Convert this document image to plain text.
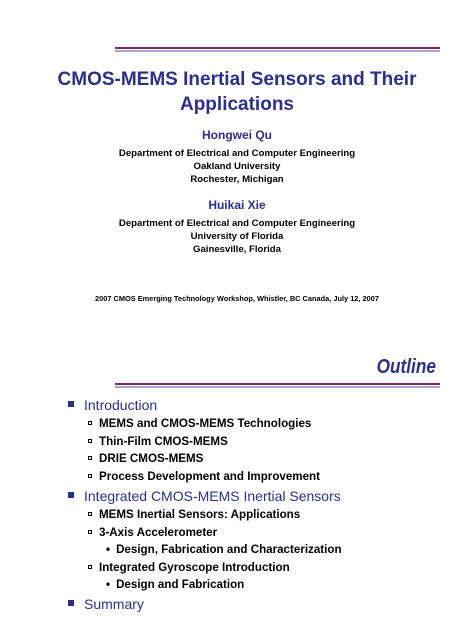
CMOS-MEMS Inertial Sensors and Their
Applications
Hongwei Qu
Department of Electrical and Computer Engineering
Oakland University
Rochester, Michigan
Huikai Xie
Department of Electrical and Computer Engineering
University of Florida
Gainesville, Florida
2007 CMOS Emerging Technology Workshop, Whistler, BC Canada, July 12, 2007
Outline
Introduction
MEMS and CMOS-MEMS Technologies
Thin-Film CMOS-MEMS
DRIE CMOS-MEMS
Process Development and Improvement
Integrated CMOS-MEMS Inertial Sensors
MEMS Inertial Sensors: Applications
3-Axis Accelerometer
• Design, Fabrication and Characterization
Integrated Gyroscope Introduction
• Design and Fabrication
Summary
